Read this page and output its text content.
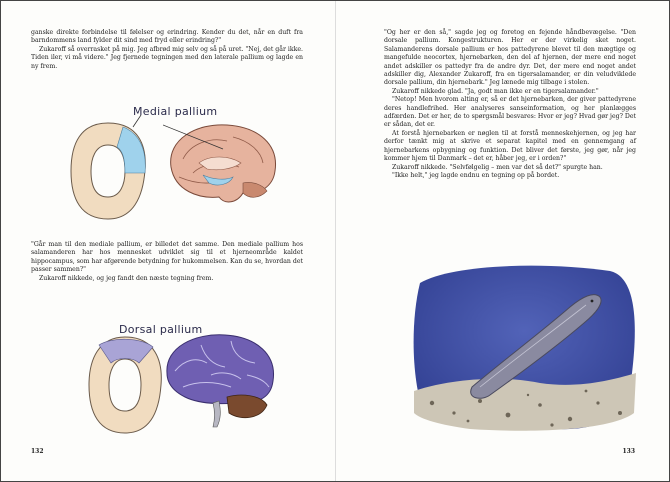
ganske direkte forbindelse til følelser og erindring. Kender du det, når en duft fra barndommens land fylder dit sind med fryd eller erindring?"

Zukaroff så overrasket på mig. Jeg afbrød mig selv og så på uret. "Nej, det går ikke. Tiden iler, vi må videre." Jeg fjernede tegningen med den laterale pallium og lagde en ny frem.

Medial pallium

"Går man til den mediale pallium, er billedet det samme. Den mediale pallium hos salamanderen har hos mennesket udviklet sig til et hjerneområde kaldet hippocampus, som har afgørende betydning for hukommelsen. Kan du se, hvordan det passer sammen?"

Zukaroff nikkede, og jeg fandt den næste tegning frem.

Dorsal pallium
132

"Og her er den så," sagde jeg og foretog en fejende håndbevægelse. "Den dorsale pallium. Kongestrukturen. Her er der virkelig sket noget. Salamanderens dorsale pallium er hos pattedyrene blevet til den mægtige og mangefulde neocortex, hjernebarken, den del af hjernen, der mere end noget andet adskiller os pattedyr fra de andre dyr. Det, der mere end noget andet adskiller dig, Alexander Zukaroff, fra en tigersalamander, er din veludviklede dorsale pallium, din hjernebark." Jeg lænede mig tilbage i stolen.

Zukaroff nikkede glad. "Ja, godt man ikke er en tigersalamander."

"Netop! Men hvorom alting er, så er det hjernebarken, der giver pattedyrene deres handlefrihed. Her analyseres sanseinformation, og her planlægges adfærden. Det er her, de to spørgsmål besvares: Hvor er jeg? Hvad gør jeg? Det er sådan, det er.

At forstå hjernebarken er nøglen til at forstå menneskehjernen, og jeg har derfor tænkt mig at skrive et separat kapitel med en gennemgang af hjernebarkens opbygning og funktion. Det bliver det første, jeg gør, når jeg kommer hjem til Danmark – det er, håber jeg, er i orden?"

Zukaroff nikkede. "Selvfølgelig – men var det så det?" spurgte han.

"Ikke helt," jeg lagde endnu en tegning op på bordet.

133
